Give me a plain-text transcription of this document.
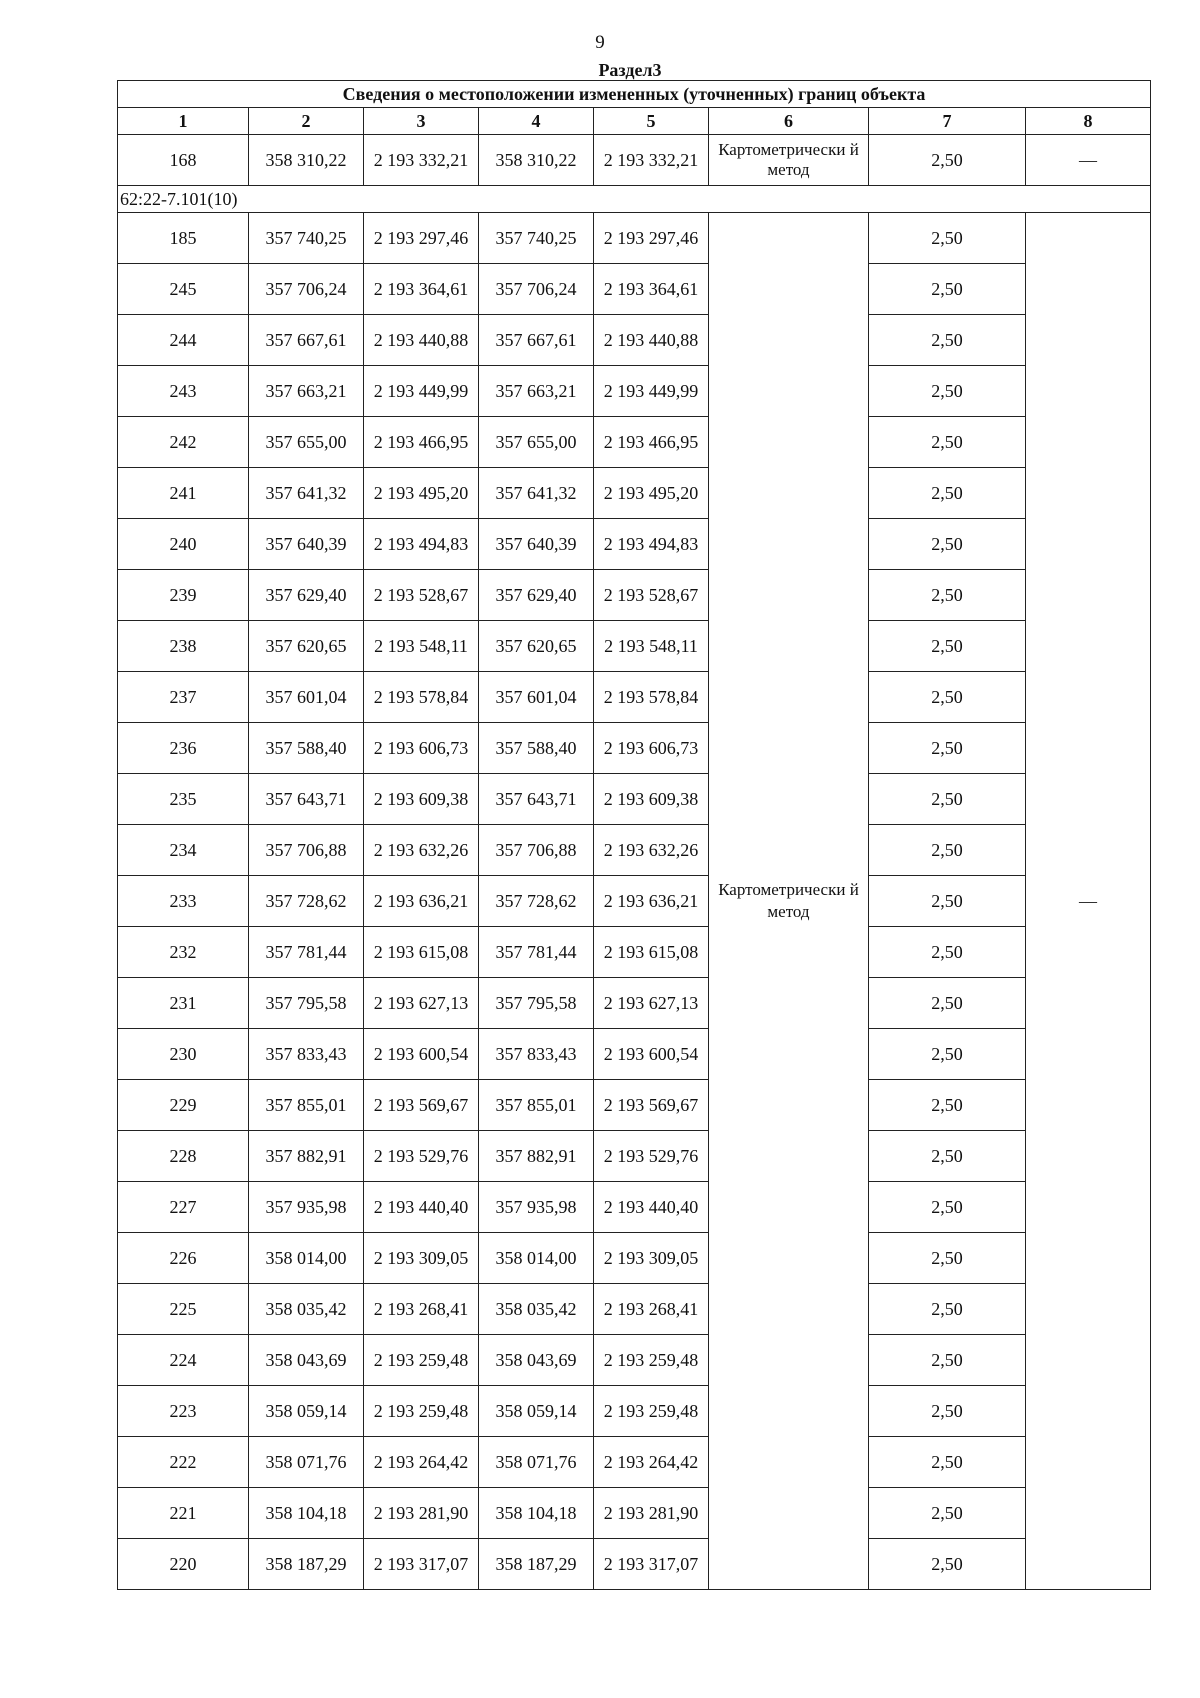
9
Раздел3
Сведения о местоположении измененных (уточненных) границ объекта							
1	2	3	4	5	6	7	8
168	358 310,22	2 193 332,21	358 310,22	2 193 332,21	Картометрически й метод	2,50	—
62:22-7.101(10)							
185	357 740,25	2 193 297,46	357 740,25	2 193 297,46	Картометрически й метод	2,50	—
245	357 706,24	2 193 364,61	357 706,24	2 193 364,61		2,50	
244	357 667,61	2 193 440,88	357 667,61	2 193 440,88		2,50	
243	357 663,21	2 193 449,99	357 663,21	2 193 449,99		2,50	
242	357 655,00	2 193 466,95	357 655,00	2 193 466,95		2,50	
241	357 641,32	2 193 495,20	357 641,32	2 193 495,20		2,50	
240	357 640,39	2 193 494,83	357 640,39	2 193 494,83		2,50	
239	357 629,40	2 193 528,67	357 629,40	2 193 528,67		2,50	
238	357 620,65	2 193 548,11	357 620,65	2 193 548,11		2,50	
237	357 601,04	2 193 578,84	357 601,04	2 193 578,84		2,50	
236	357 588,40	2 193 606,73	357 588,40	2 193 606,73		2,50	
235	357 643,71	2 193 609,38	357 643,71	2 193 609,38		2,50	
234	357 706,88	2 193 632,26	357 706,88	2 193 632,26		2,50	
233	357 728,62	2 193 636,21	357 728,62	2 193 636,21		2,50	
232	357 781,44	2 193 615,08	357 781,44	2 193 615,08		2,50	
231	357 795,58	2 193 627,13	357 795,58	2 193 627,13		2,50	
230	357 833,43	2 193 600,54	357 833,43	2 193 600,54		2,50	
229	357 855,01	2 193 569,67	357 855,01	2 193 569,67		2,50	
228	357 882,91	2 193 529,76	357 882,91	2 193 529,76		2,50	
227	357 935,98	2 193 440,40	357 935,98	2 193 440,40		2,50	
226	358 014,00	2 193 309,05	358 014,00	2 193 309,05		2,50	
225	358 035,42	2 193 268,41	358 035,42	2 193 268,41		2,50	
224	358 043,69	2 193 259,48	358 043,69	2 193 259,48		2,50	
223	358 059,14	2 193 259,48	358 059,14	2 193 259,48		2,50	
222	358 071,76	2 193 264,42	358 071,76	2 193 264,42		2,50	
221	358 104,18	2 193 281,90	358 104,18	2 193 281,90		2,50	
220	358 187,29	2 193 317,07	358 187,29	2 193 317,07		2,50	
